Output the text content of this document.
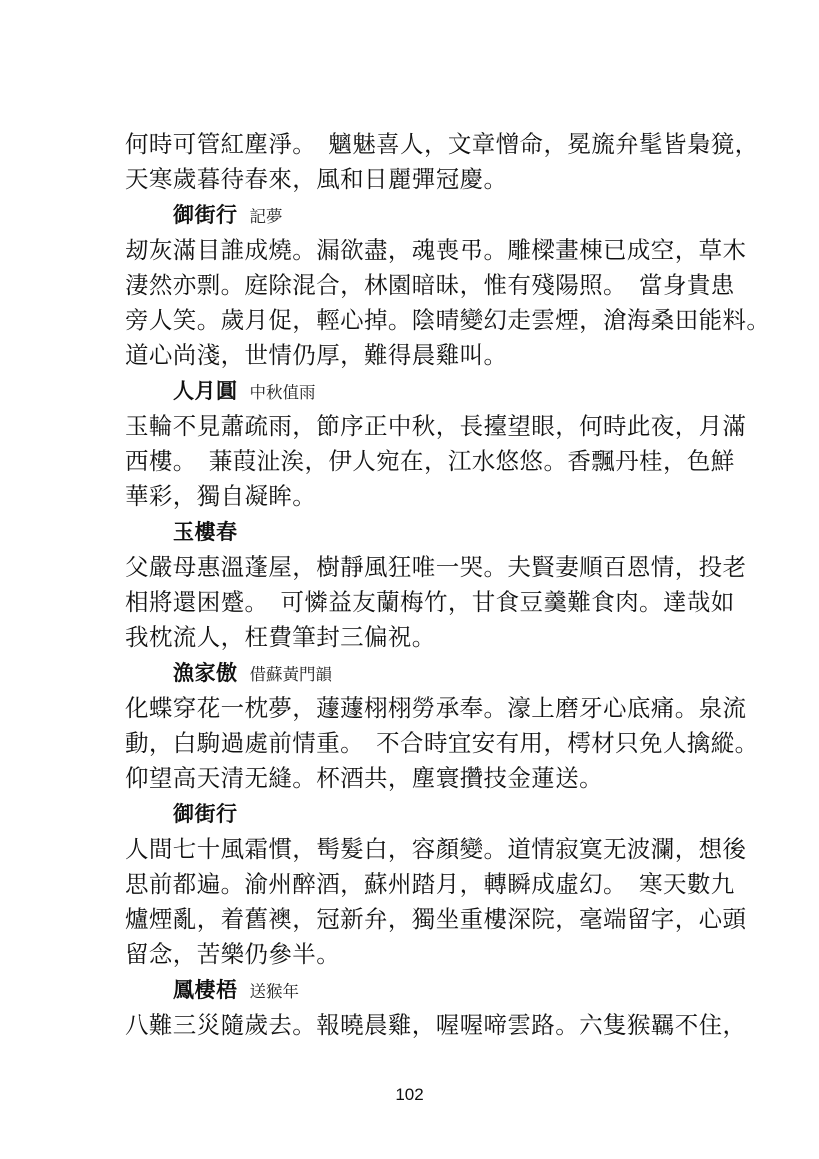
何時可管紅塵淨。　魑魅喜人，文章憎命，冕旒弁髦皆梟獍，
天寒歲暮待春來，風和日麗彈冠慶。
御街行 記夢
刼灰滿目誰成燒。漏欲盡，魂喪弔。雕樑畫棟已成空，草木
淒然亦剽。庭除混合，林園暗昧，惟有殘陽照。　當身貴患
旁人笑。歲月促，輕心掉。陰晴變幻走雲煙，滄海桑田能料。
道心尚淺，世情仍厚，難得晨雞叫。
人月圓 中秋值雨
玉輪不見蕭疏雨，節序正中秋，長擡望眼，何時此夜，月滿
西樓。　蒹葭沚涘，伊人宛在，江水悠悠。香飄丹桂，色鮮
華彩，獨自凝眸。
玉樓春
父嚴母惠溫蓬屋，樹靜風狂唯一哭。夫賢妻順百恩情，投老
相將還困蹙。　可憐益友蘭梅竹，甘食豆羹難食肉。達哉如
我枕流人，枉費筆封三偏祝。
漁家傲 借蘇黃門韻
化蝶穿花一枕夢，蘧蘧栩栩勞承奉。濠上磨牙心底痛。泉流
動，白駒過處前情重。　不合時宜安有用，樗材只免人擒縱。
仰望高天清无縫。杯酒共，塵寰攢技金蓮送。
御街行
人間七十風霜慣，髩髮白，容顏變。道情寂寞无波瀾，想後
思前都遍。渝州醉酒，蘇州踏月，轉瞬成虛幻。　寒天數九
爐煙亂，着舊襖，冠新弁，獨坐重樓深院，毫端留字，心頭
留念，苦樂仍參半。
鳳棲梧 送猴年
八難三災隨歲去。報曉晨雞，喔喔啼雲路。六隻猴羈不住，
102
